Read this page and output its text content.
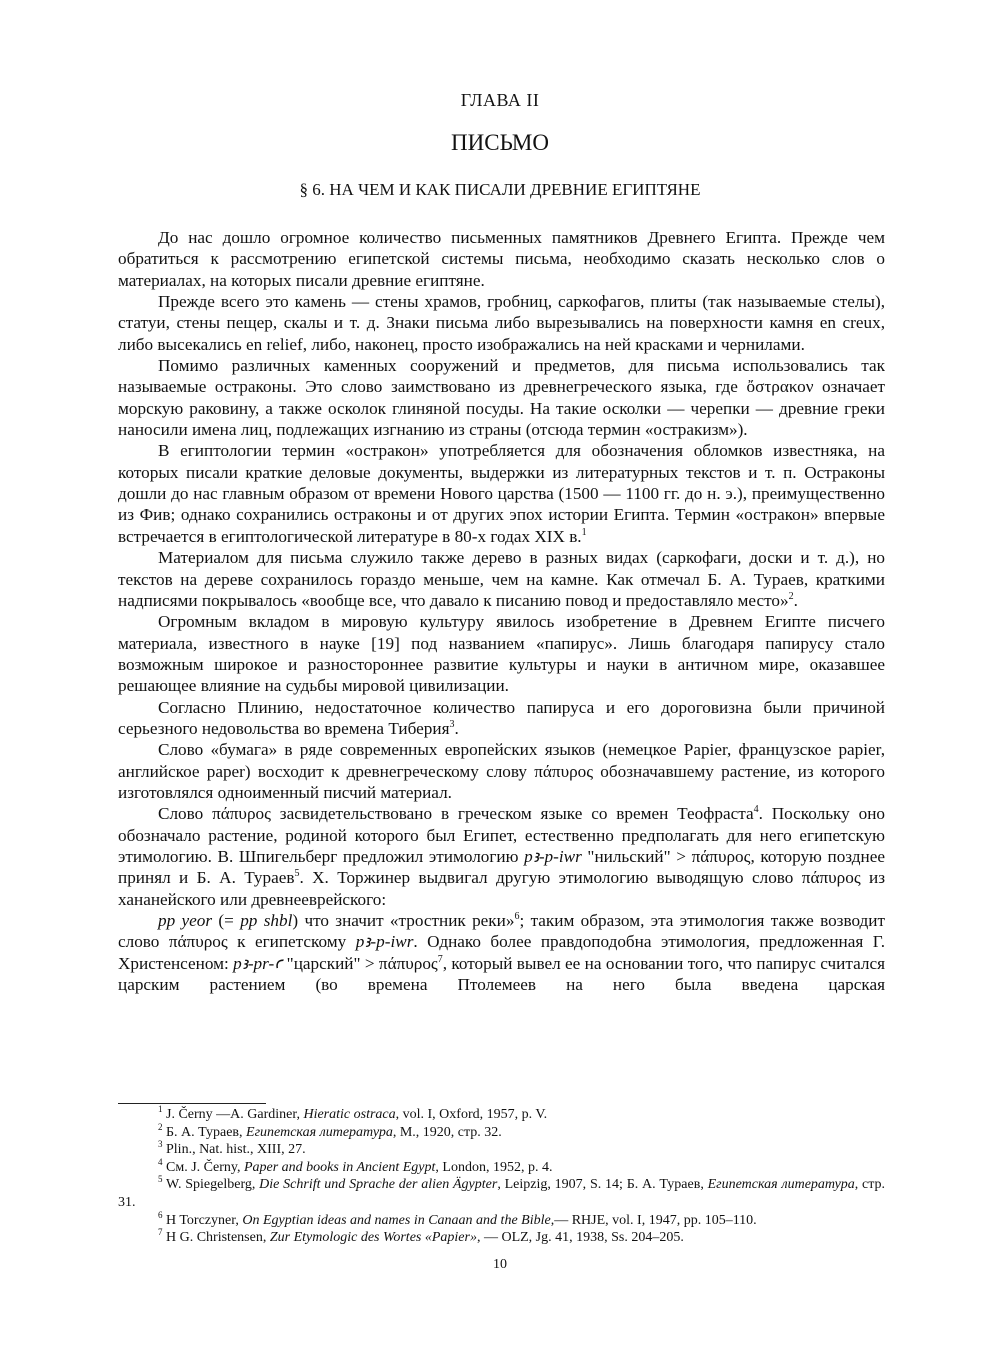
ГЛАВА II
ПИСЬМО
§ 6. НА ЧЕМ И КАК ПИСАЛИ ДРЕВНИЕ ЕГИПТЯНЕ

До нас дошло огромное количество письменных памятников Древнего Египта. Прежде чем обратиться к рассмотрению египетской системы письма, необходимо сказать несколько слов о материалах, на которых писали древние египтяне.

Прежде всего это камень — стены храмов, гробниц, саркофагов, плиты (так называемые стелы), статуи, стены пещер, скалы и т. д. Знаки письма либо вырезывались на поверхности камня en creux, либо высекались en relief, либо, наконец, просто изображались на ней красками и чернилами.

Помимо различных каменных сооружений и предметов, для письма использовались так называемые остраконы. Это слово заимствовано из древнегреческого языка, где ὄστρακον означает морскую раковину, а также осколок глиняной посуды. На такие осколки — черепки — древние греки наносили имена лиц, подлежащих изгнанию из страны (отсюда термин «остракизм»).

В египтологии термин «остракон» употребляется для обозначения обломков известняка, на которых писали краткие деловые документы, выдержки из литературных текстов и т. п. Остраконы дошли до нас главным образом от времени Нового царства (1500 — 1100 гг. до н. э.), преимущественно из Фив; однако сохранились остраконы и от других эпох истории Египта. Термин «остракон» впервые встречается в египтологической литературе в 80-х годах XIX в.$^1$

Материалом для письма служило также дерево в разных видах (саркофаги, доски и т. д.), но текстов на дереве сохранилось гораздо меньше, чем на камне. Как отмечал Б. А. Тураев, краткими надписями покрывалось «вообще все, что давало к писанию повод и предоставляло место»$^2$.

Огромным вкладом в мировую культуру явилось изобретение в Древнем Египте писчего материала, известного в науке [19] под названием «папирус». Лишь благодаря папирусу стало возможным широкое и разностороннее развитие культуры и науки в античном мире, оказавшее решающее влияние на судьбы мировой цивилизации.

Согласно Плинию, недостаточное количество папируса и его дороговизна были причиной серьезного недовольства во времена Тиберия$^3$.

Слово «бумага» в ряде современных европейских языков (немецкое Papier, французское papier, английское paper) восходит к древнегреческому слову πάπυρος обозначавшему растение, из которого изготовлялся одноименный писчий материал.

Слово πάπυρος засвидетельствовано в греческом языке со времен Теофраста$^4$. Поскольку оно обозначало растение, родиной которого был Египет, естественно предполагать для него египетскую этимологию. В. Шпигельберг предложил этимологию pꜣ-p-iwr "нильский" > πάπυρος, которую позднее принял и Б. А. Тураев$^5$. X. Торжинер выдвигал другую этимологию выводящую слово πάπυρος из хананейского или древнееврейского:

pp yeor (= pp shbl) что значит «тростник реки»$^6$; таким образом, эта этимология также возводит слово πάπυρος к египетскому pꜣ-p-iwr. Однако более правдоподобна этимология, предложенная Г. Христенсеном: pꜣ-pr-ꜥ "царский" > πάπυρος$^7$, который вывел ее на основании того, что папирус считался царским растением (во времена Птолемеев на него была введена царская

$^1$ J. Černy —A. Gardiner, Hieratic ostraca, vol. I, Oxford, 1957, p. V.

$^2$ Б. А. Тураев, Египетская литература, М., 1920, стр. 32.

$^3$ Plin., Nat. hist., XIII, 27.

$^4$ См. J. Černy, Paper and books in Ancient Egypt, London, 1952, p. 4.

$^5$ W. Spiegelberg, Die Schrift und Sprache der alien Ägypter, Leipzig, 1907, S. 14; Б. А. Тураев, Египетская литература, стр. 31.

$^6$ H Torczyner, On Egyptian ideas and names in Canaan and the Bible,— RHJE, vol. I, 1947, pp. 105–110.

$^7$ H G. Christensen, Zur Etymologic des Wortes «Papier», — OLZ, Jg. 41, 1938, Ss. 204–205.

10
